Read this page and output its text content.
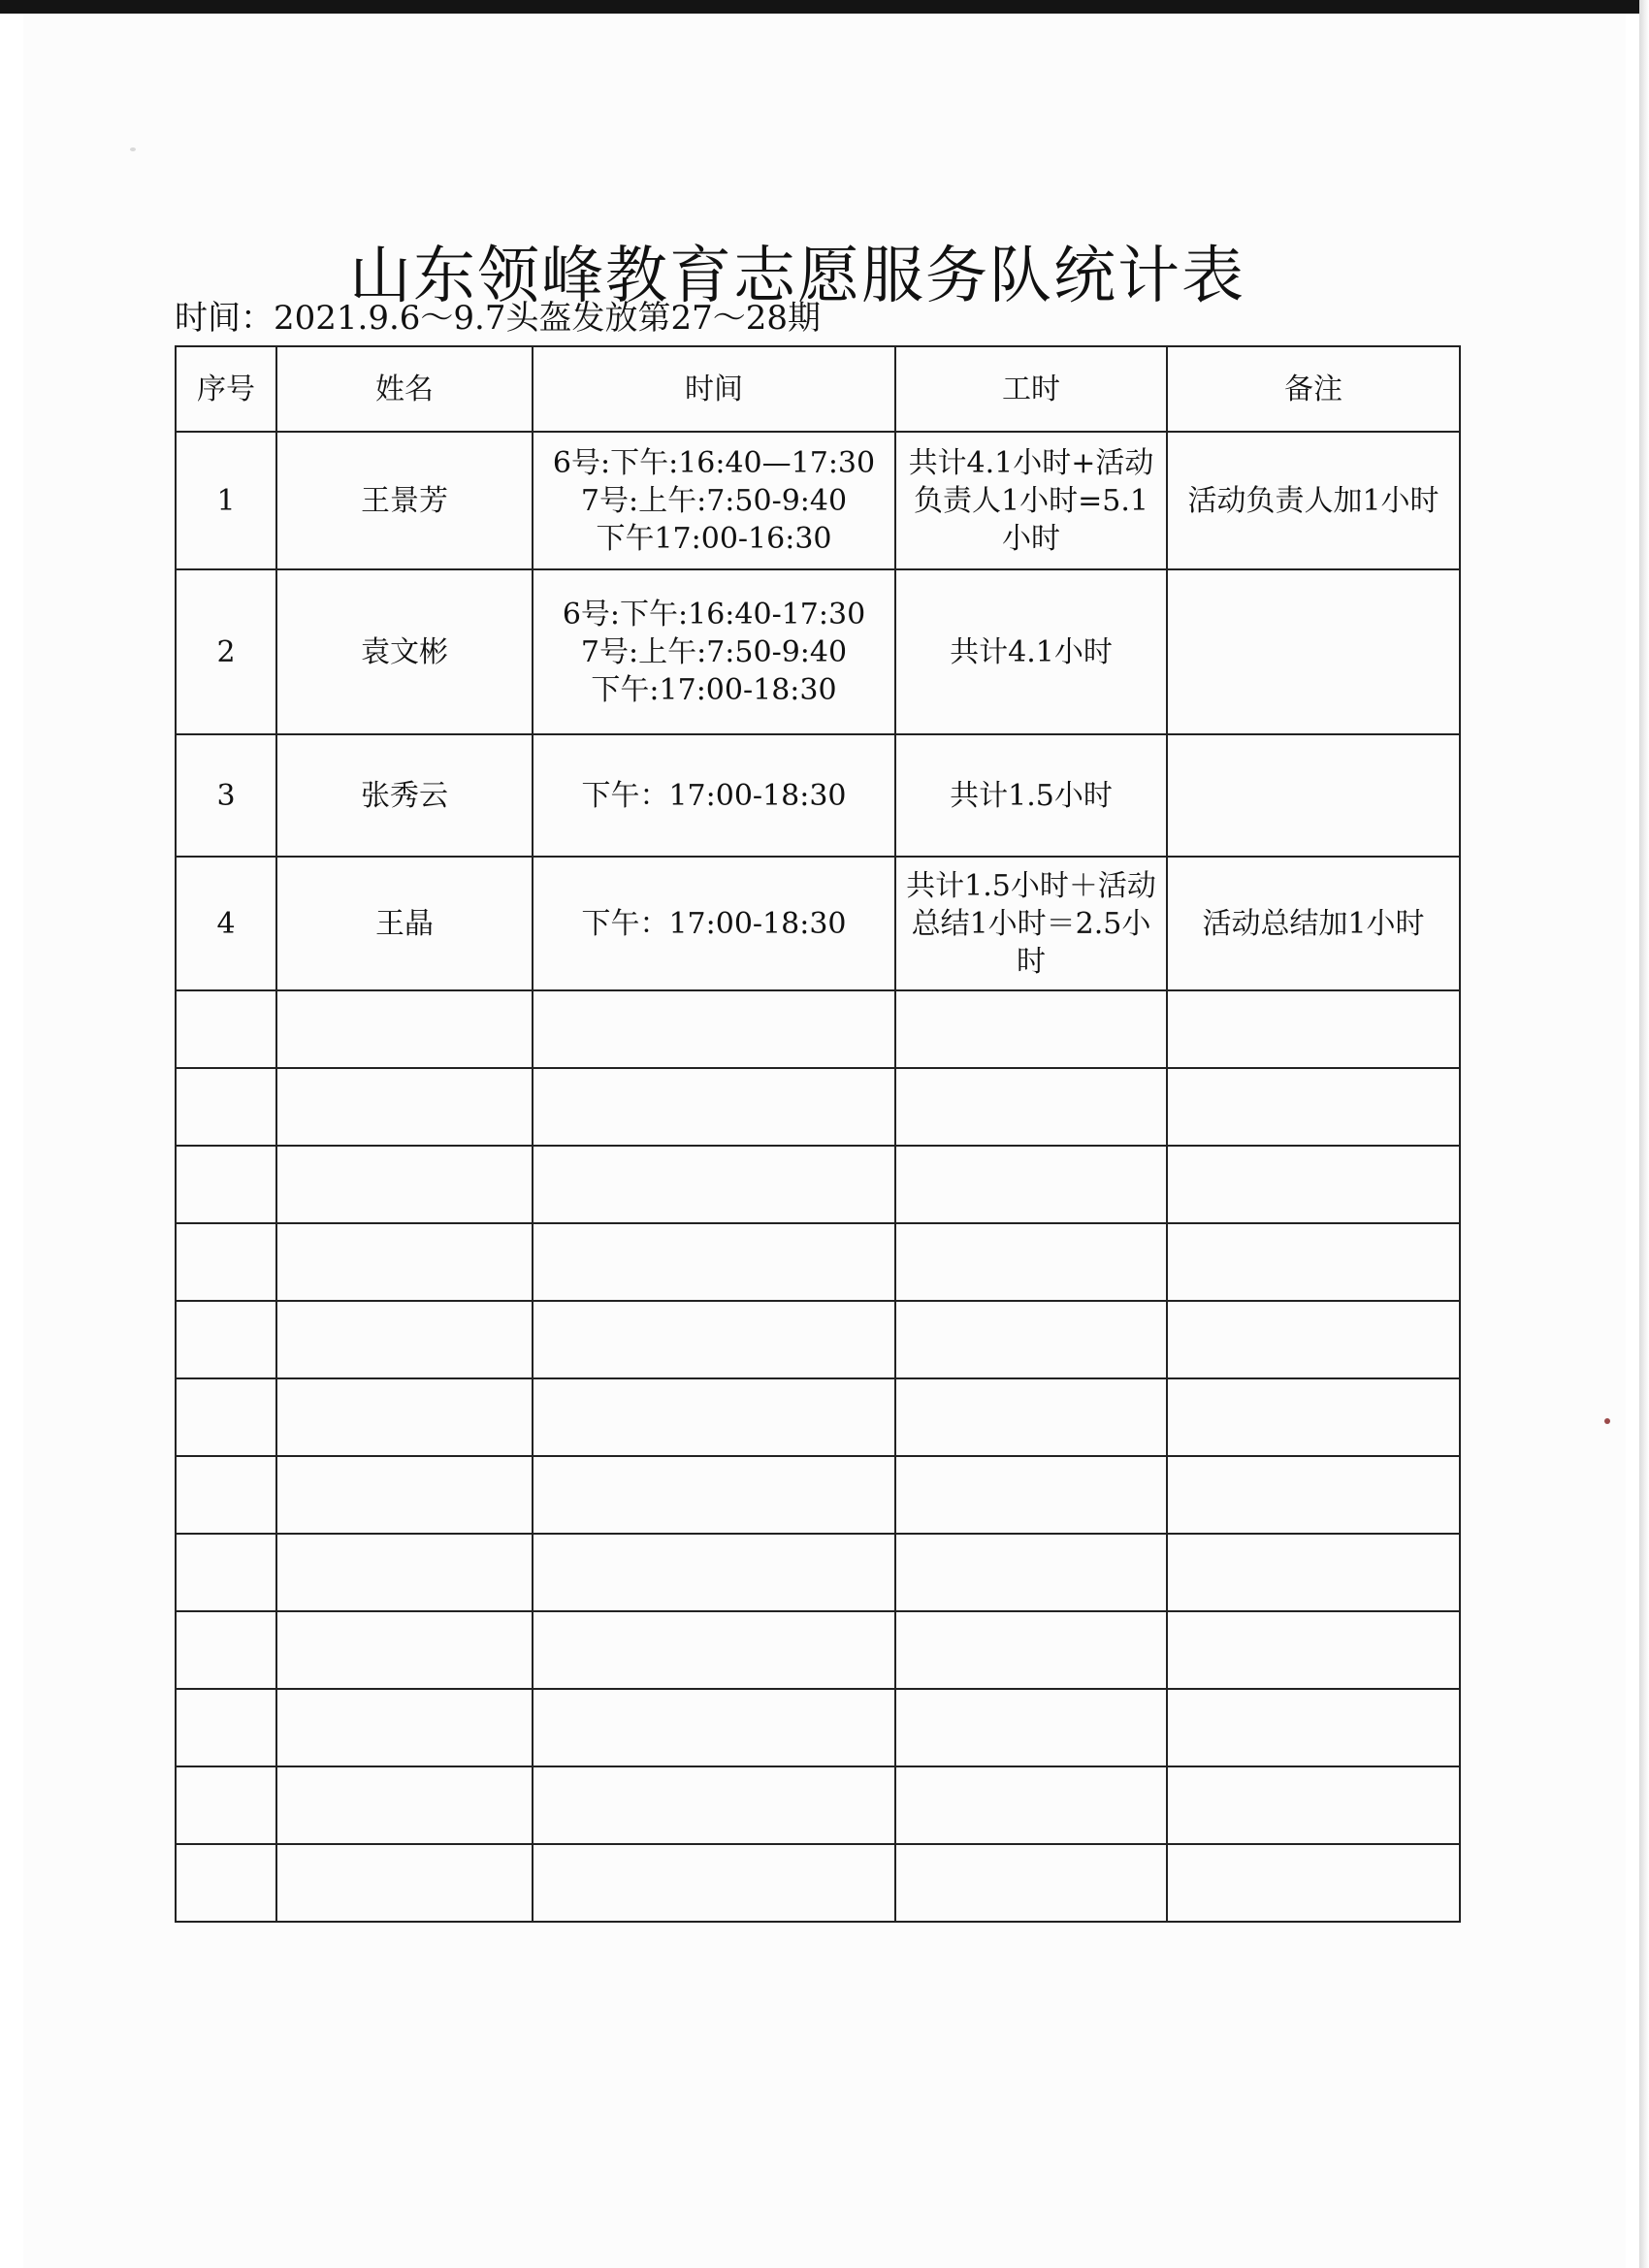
山东领峰教育志愿服务队统计表
时间：2021.9.6～9.7头盔发放第27～28期
序号	姓名	时间	工时	备注
1	王景芳	6号:下午:16:40—17:30
7号:上午:7:50-9:40
下午17:00-16:30	共计4.1小时+活动负责人1小时=5.1小时	活动负责人加1小时
2	袁文彬	6号:下午:16:40-17:30
7号:上午:7:50-9:40
下午:17:00-18:30	共计4.1小时	
3	张秀云	下午：17:00-18:30	共计1.5小时	
4	王晶	下午：17:00-18:30	共计1.5小时＋活动总结1小时＝2.5小时	活动总结加1小时
